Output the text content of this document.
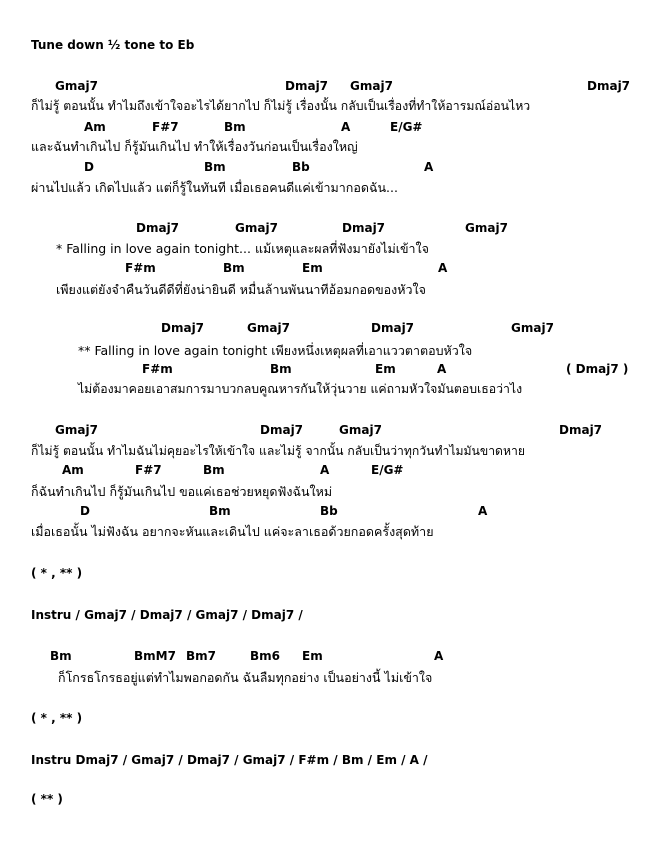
Tune down ½ tone to Eb
Gmaj7	Dmaj7 Gmaj7	Dmaj7
ก็ไม่รู้ ตอนนั้น ทำไมถึงเข้าใจอะไรได้ยากไป ก็ไม่รู้ เรื่องนั้น กลับเป็นเรื่องที่ทำให้อารมณ์อ่อนไหว
Am	F#7	Bm	A	E/G#
และฉันทำเกินไป ก็รู้มันเกินไป ทำให้เรื่องวันก่อนเป็นเรื่องใหญ่
D	Bm	Bb	A
ผ่านไปแล้ว เกิดไปแล้ว แต่ก็รู้ในทันที เมื่อเธอคนดีแค่เข้ามากอดฉัน...
Dmaj7	Gmaj7	Dmaj7	Gmaj7
* Falling in love again tonight... แม้เหตุและผลที่ฟังมายังไม่เข้าใจ
F#m	Bm	Em	A
เพียงแต่ยังจำคืนวันดีดีที่ยังน่ายินดี หมื่นล้านพันนาทีอ้อมกอดของหัวใจ
Dmaj7	Gmaj7	Dmaj7	Gmaj7
** Falling in love again tonight เพียงหนึ่งเหตุผลที่เอาแววตาตอบหัวใจ
F#m	Bm	Em	A	( Dmaj7 )
ไม่ต้องมาคอยเอาสมการมาบวกลบคูณหารกันให้วุ่นวาย แค่ถามหัวใจมันตอบเธอว่าไง
Gmaj7	Dmaj7	Gmaj7	Dmaj7
ก็ไม่รู้ ตอนนั้น ทำไมฉันไม่คุยอะไรให้เข้าใจ และไม่รู้ จากนั้น กลับเป็นว่าทุกวันทำไมมันขาดหาย
Am	F#7	Bm	A	E/G#
ก็ฉันทำเกินไป ก็รู้มันเกินไป ขอแค่เธอช่วยหยุดฟังฉันใหม่
D	Bm	Bb	A
เมื่อเธอนั้น ไม่ฟังฉัน อยากจะหันและเดินไป แค่จะลาเธอด้วยกอดครั้งสุดท้าย
( * , ** )
Instru / Gmaj7 / Dmaj7 / Gmaj7 / Dmaj7 /
Bm	BmM7 Bm7	Bm6 Em	A
ก็โกรธโกรธอยู่แต่ทำไมพอกอดกัน ฉันลืมทุกอย่าง เป็นอย่างนี้ ไม่เข้าใจ
( * , ** )
Instru Dmaj7 / Gmaj7 / Dmaj7 / Gmaj7 / F#m / Bm / Em / A /
( ** )
